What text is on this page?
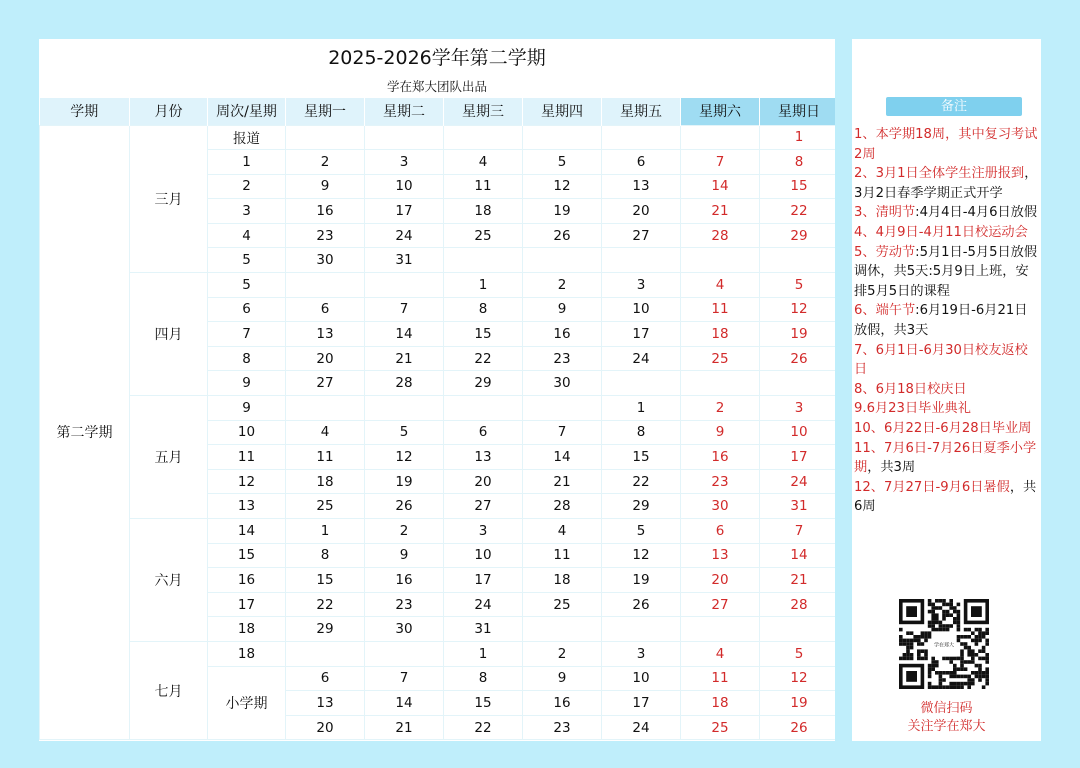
2025-2026学年第二学期
学在郑大团队出品
学期	月份	周次/星期	星期一	星期二	星期三	星期四	星期五	星期六	星期日
第二学期	三月	报道							1
		1	2	3	4	5	6	7	8
		2	9	10	11	12	13	14	15
		3	16	17	18	19	20	21	22
		4	23	24	25	26	27	28	29
		5	30	31					
	四月	5			1	2	3	4	5
		6	6	7	8	9	10	11	12
		7	13	14	15	16	17	18	19
		8	20	21	22	23	24	25	26
		9	27	28	29	30			
	五月	9					1	2	3
		10	4	5	6	7	8	9	10
		11	11	12	13	14	15	16	17
		12	18	19	20	21	22	23	24
		13	25	26	27	28	29	30	31
	六月	14	1	2	3	4	5	6	7
		15	8	9	10	11	12	13	14
		16	15	16	17	18	19	20	21
		17	22	23	24	25	26	27	28
		18	29	30	31				
	七月	18			1	2	3	4	5
		小学期	6	7	8	9	10	11	12
			13	14	15	16	17	18	19
			20	21	22	23	24	25	26
备注
1、本学期18周，其中复习考试2周
2、3月1日全体学生注册报到，3月2日春季学期正式开学
3、清明节:4月4日-4月6日放假
4、4月9日-4月11日校运动会
5、劳动节:5月1日-5月5日放假调休，共5天:5月9日上班，安排5月5日的课程
6、端午节:6月19日-6月21日放假，共3天
7、6月1日-6月30日校友返校日
8、6月18日校庆日
9.6月23日毕业典礼
10、6月22日-6月28日毕业周
11、7月6日-7月26日夏季小学期，共3周
12、7月27日-9月6日暑假，共6周
学在郑大
微信扫码
关注学在郑大
